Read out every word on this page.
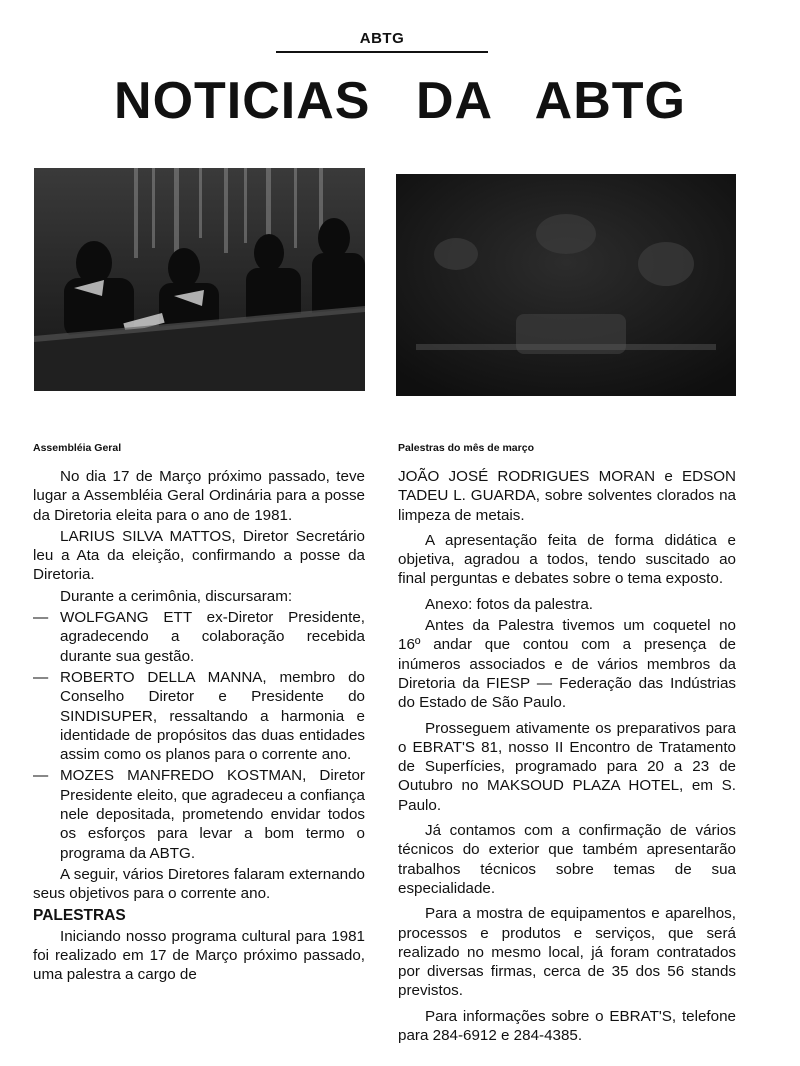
ABTG
NOTICIAS DA ABTG
Assembléia Geral

No dia 17 de Março próximo passado, teve lugar a Assembléia Geral Ordinária para a posse da Diretoria eleita para o ano de 1981.

LARIUS SILVA MATTOS, Diretor Secretário leu a Ata da eleição, confirmando a posse da Diretoria.

Durante a cerimônia, discursaram:

— WOLFGANG ETT ex-Diretor Presidente, agradecendo a colaboração recebida durante sua gestão.
— ROBERTO DELLA MANNA, membro do Conselho Diretor e Presidente do SINDISUPER, ressaltando a harmonia e identidade de propósitos das duas entidades assim como os planos para o corrente ano.
— MOZES MANFREDO KOSTMAN, Diretor Presidente eleito, que agradeceu a confiança nele depositada, prometendo envidar todos os esforços para levar a bom termo o programa da ABTG.

A seguir, vários Diretores falaram externando seus objetivos para o corrente ano.

PALESTRAS

Iniciando nosso programa cultural para 1981 foi realizado em 17 de Março próximo passado, uma palestra a cargo de

Palestras do mês de março

JOÃO JOSÉ RODRIGUES MORAN e EDSON TADEU L. GUARDA, sobre solventes clorados na limpeza de metais.

A apresentação feita de forma didática e objetiva, agradou a todos, tendo suscitado ao final perguntas e debates sobre o tema exposto.

Anexo: fotos da palestra.

Antes da Palestra tivemos um coquetel no 16º andar que contou com a presença de inúmeros associados e de vários membros da Diretoria da FIESP — Federação das Indústrias do Estado de São Paulo.

Prosseguem ativamente os preparativos para o EBRAT'S 81, nosso II Encontro de Tratamento de Superfícies, programado para 20 a 23 de Outubro no MAKSOUD PLAZA HOTEL, em S. Paulo.

Já contamos com a confirmação de vários técnicos do exterior que também apresentarão trabalhos técnicos sobre temas de sua especialidade.

Para a mostra de equipamentos e aparelhos, processos e produtos e serviços, que será realizado no mesmo local, já foram contratados por diversas firmas, cerca de 35 dos 56 stands previstos.

Para informações sobre o EBRAT'S, telefone para 284-6912 e 284-4385.
